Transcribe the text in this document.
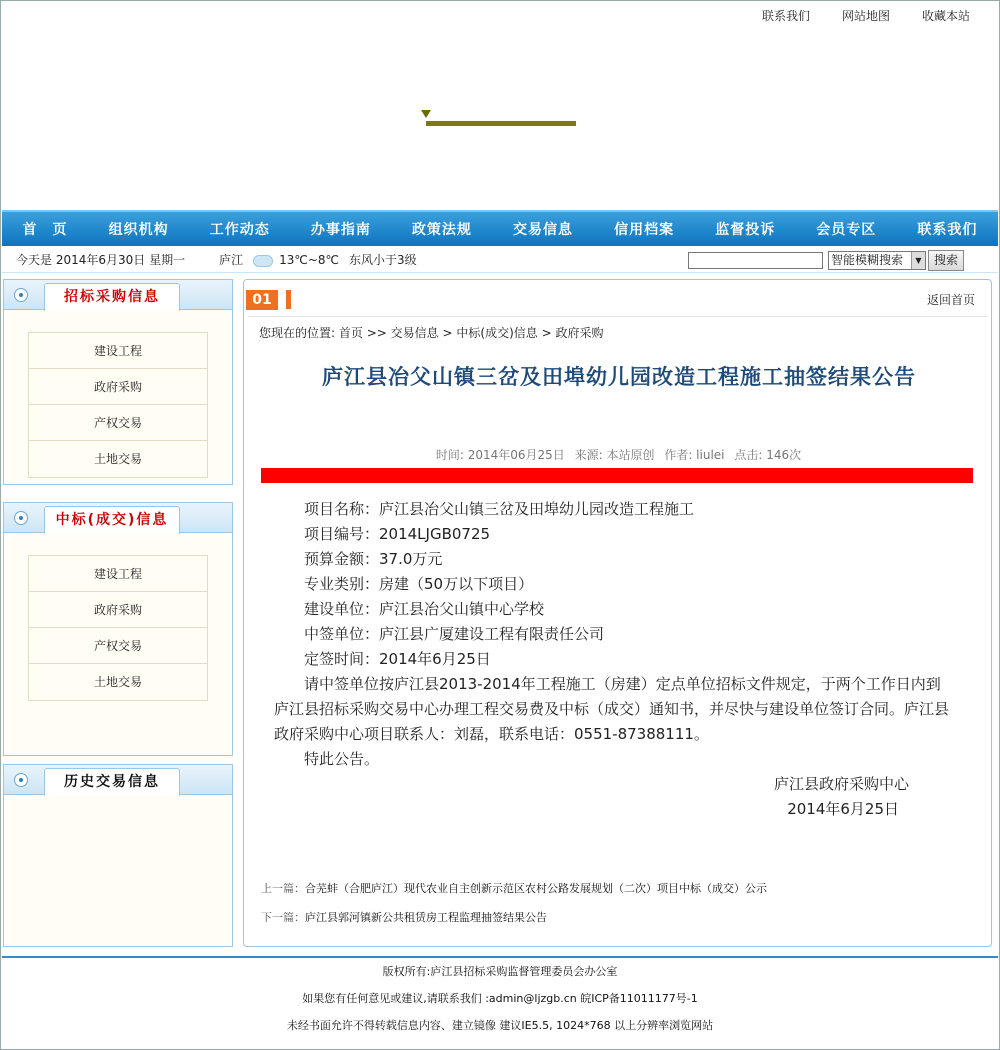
联系我们	网站地图	收藏本站
首　页	组织机构	工作动态	办事指南	政策法规	交易信息	信用档案	监督投诉	会员专区	联系我们
今天是 2014年6月30日 星期一	庐江	13℃~8℃ 东风小于3级	智能模糊搜索	▼	搜索
招标采购信息
建设工程
政府采购
产权交易
土地交易
中标(成交)信息
建设工程
政府采购
产权交易
土地交易
历史交易信息
01	返回首页
您现在的位置: 首页 >> 交易信息 > 中标(成交)信息 > 政府采购
庐江县冶父山镇三岔及田埠幼儿园改造工程施工抽签结果公告
时间: 2014年06月25日 来源: 本站原创 作者: liulei 点击: 146次

项目名称：庐江县冶父山镇三岔及田埠幼儿园改造工程施工

项目编号：2014LJGB0725

预算金额：37.0万元

专业类别：房建（50万以下项目）

建设单位：庐江县冶父山镇中心学校

中签单位：庐江县广厦建设工程有限责任公司

定签时间：2014年6月25日

请中签单位按庐江县2013-2014年工程施工（房建）定点单位招标文件规定，于两个工作日内到庐江县招标采购交易中心办理工程交易费及中标（成交）通知书，并尽快与建设单位签订合同。庐江县政府采购中心项目联系人：刘磊，联系电话：0551-87388111。

特此公告。

庐江县政府采购中心
2014年6月25日
上一篇：合芜蚌（合肥庐江）现代农业自主创新示范区农村公路发展规划（二次）项目中标（成交）公示
下一篇：庐江县郭河镇新公共租赁房工程监理抽签结果公告
版权所有:庐江县招标采购监督管理委员会办公室
如果您有任何意见或建议,请联系我们 :admin@ljzgb.cn 皖ICP备11011177号-1
未经书面允许不得转载信息内容、建立镜像 建议IE5.5, 1024*768 以上分辨率浏览网站
